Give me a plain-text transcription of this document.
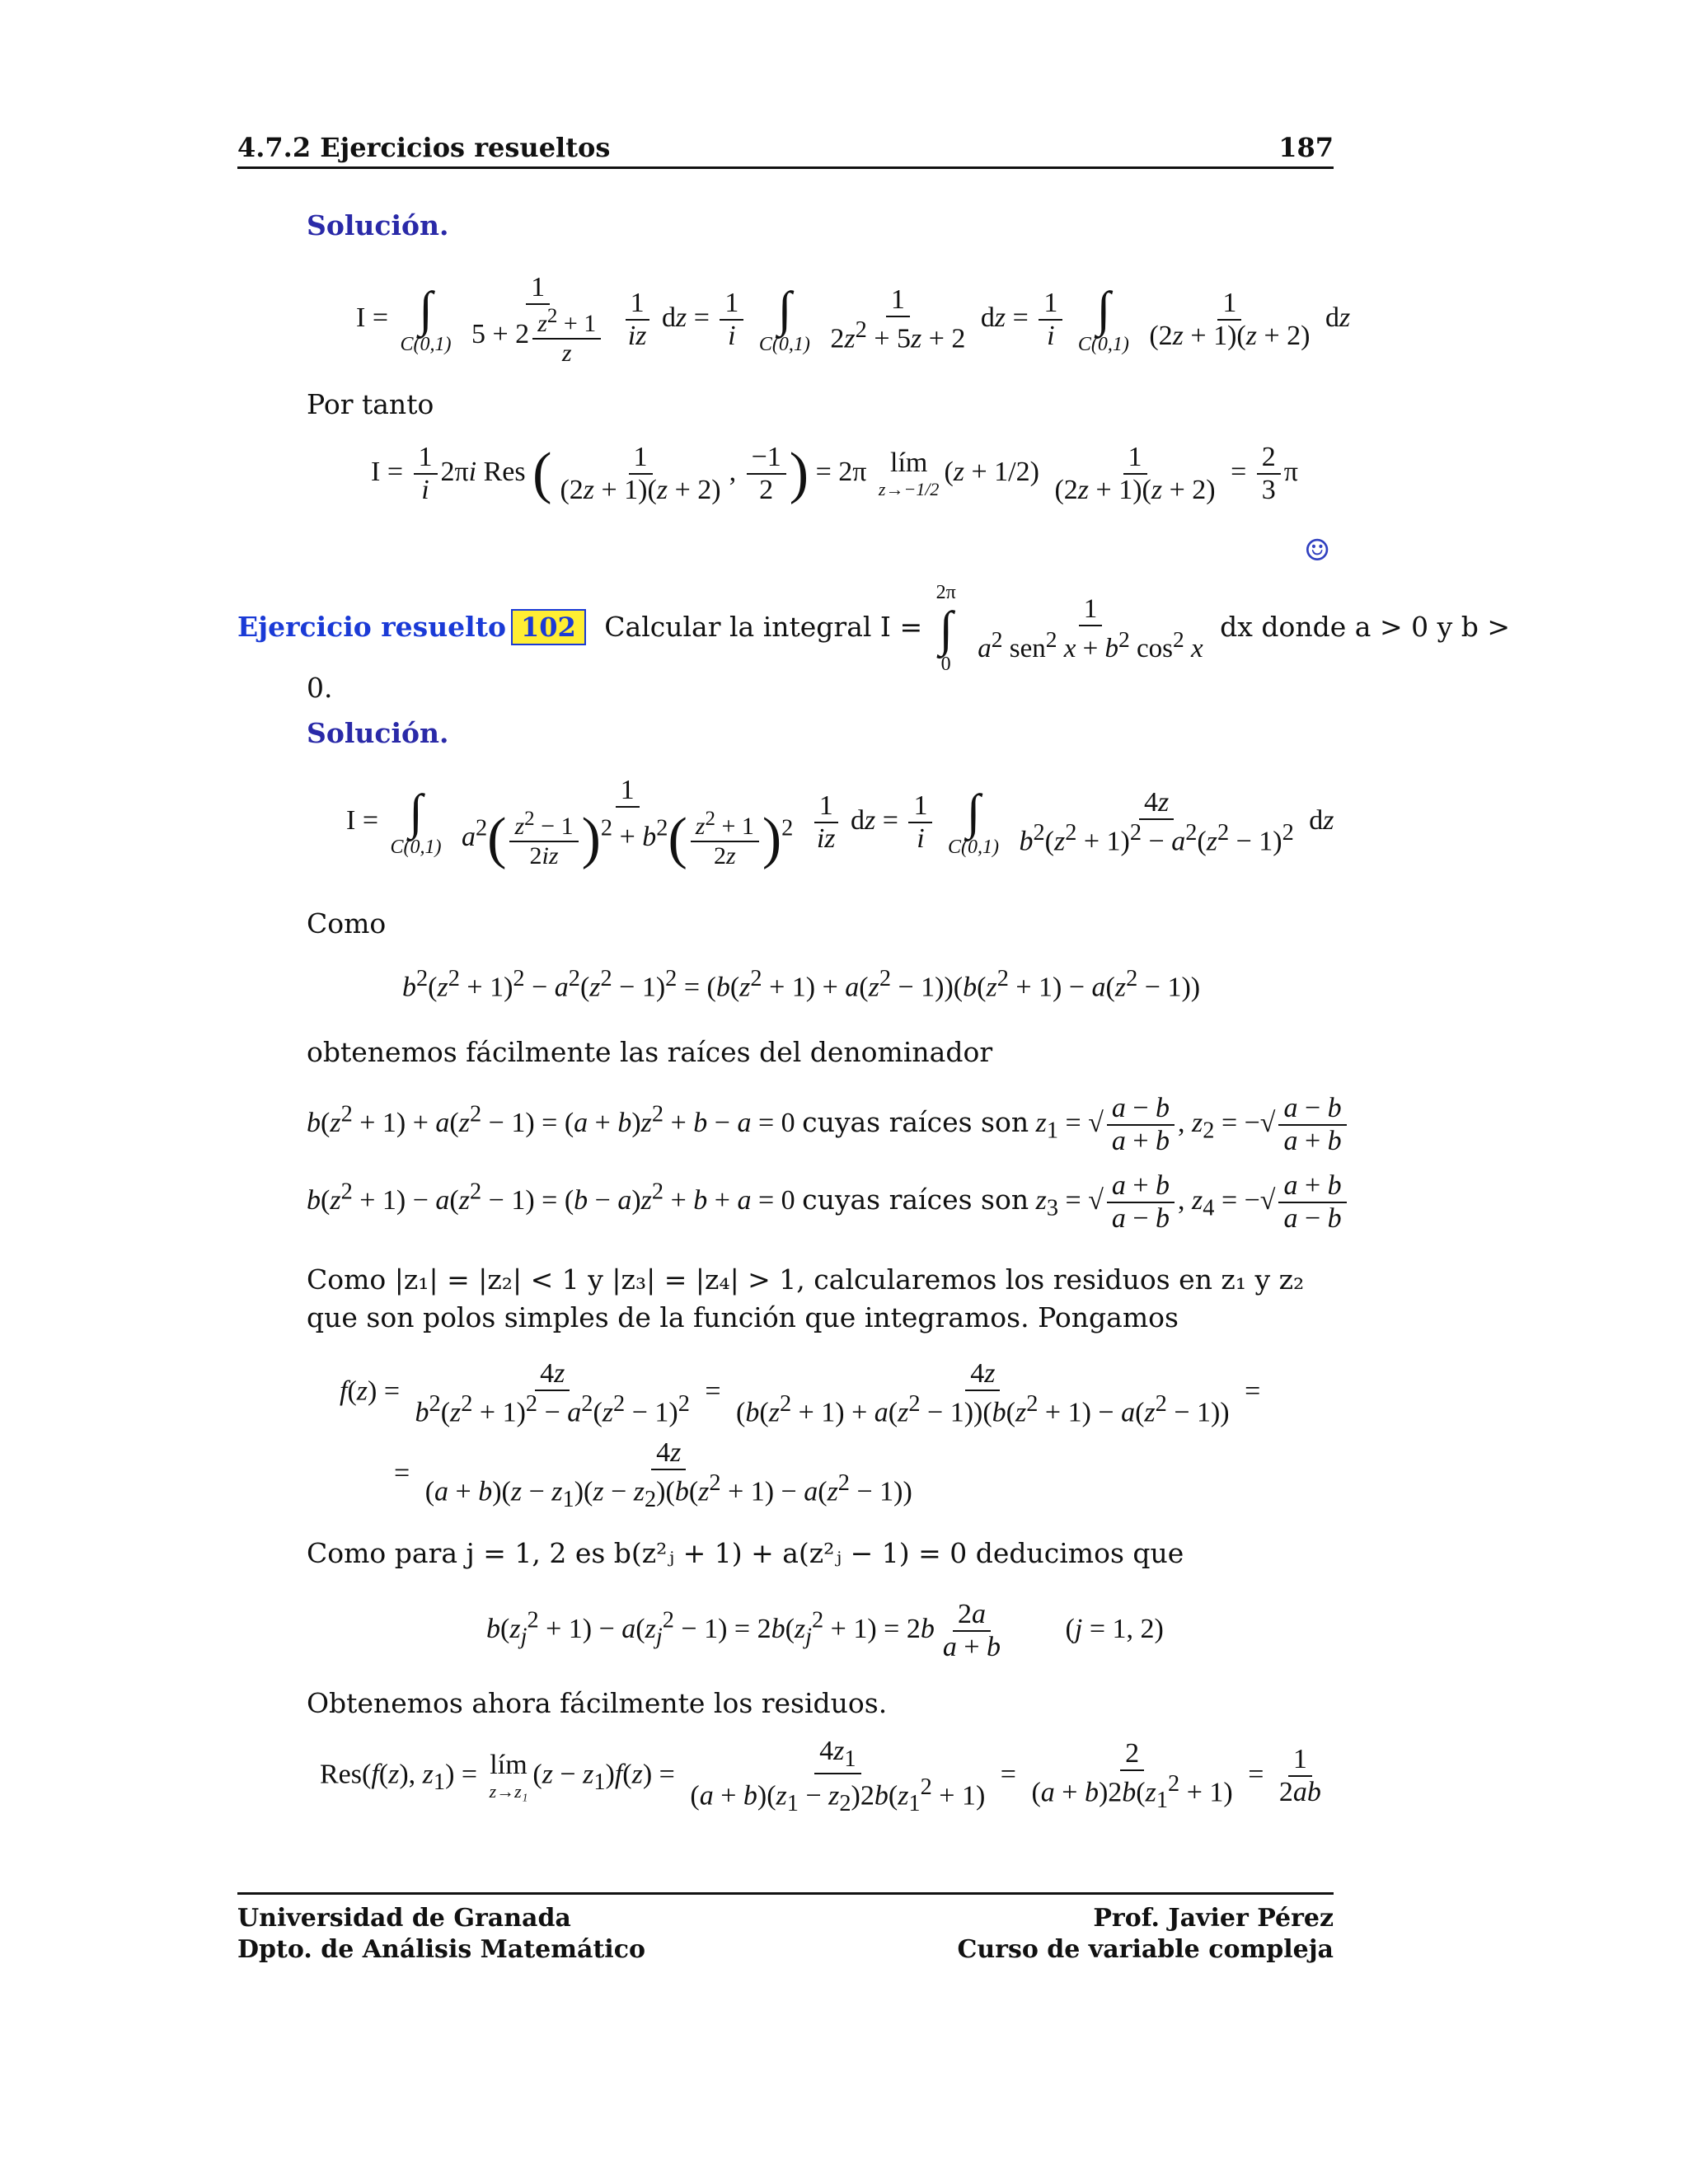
4.7.2 Ejercicios resueltos	187
Solución.
I = ∫
C(0,1)
$\frac{1}{5 + 2 \frac{z^2 + 1}{z}}$
$\frac{1}{iz}$ dz = $\frac{1}{i}$
∫
C(0,1)
$\frac{1}{2z^2 + 5z + 2}$ dz = $\frac{1}{i}$
∫
C(0,1)
$\frac{1}{(2z + 1)(z + 2)}$ dz
Por tanto
$I = \frac{1}{i} 2\pi i$ Res ( $\frac{1}{(2z + 1)(z + 2)}$ , $\frac{-1}{2}$ ) = 2π lím
z→−1/2
$(z + 1/2) \frac{1}{(2z + 1)(z + 2)} = \frac{2}{3}$ π
☺
Ejercicio resuelto 102 Calcular la integral I =
2π
∫
0

$\frac{1}{a^2 sen^2 x + b^2 \cos^2 x}$ dx donde a > 0 y b >
0.
Solución.
I = ∫
C(0,1)
$\frac{1}{a^2( \frac{z^2 - 1}{2iz} )^2 + b^2( \frac{z^2 + 1}{2z} )^2}$
$\frac{1}{iz}$ dz = $\frac{1}{i}$
∫
C(0,1)
$\frac{4z}{b^2(z^2 + 1)^2 - a^2(z^2 - 1)^2}$ dz
Como
$b^2(z^2 + 1)^2 - a^2(z^2 - 1)^2 = (b(z^2 + 1) + a(z^2 - 1))(b(z^2 + 1) - a(z^2 - 1))$
obtenemos fácilmente las raíces del denominador
$b(z^2 + 1) + a(z^2 - 1) = (a + b)z^2 + b - a = 0$ cuyas raíces son $z_1$ = √ $\frac{a - b}{a + b}$ , $z_2$ = −√ $\frac{a - b}{a + b}$
$b(z^2 + 1) - a(z^2 - 1) = (b - a)z^2 + b + a = 0$ cuyas raíces son $z_3$ = √ $\frac{a + b}{a - b}$ , $z_4$ = −√ $\frac{a + b}{a - b}$
Como |z₁| = |z₂| < 1 y |z₃| = |z₄| > 1, calcularemos los residuos en z₁ y z₂ que son polos simples de la función que integramos. Pongamos
$f(z) = \frac{4z}{b^2(z^2 + 1)^2 - a^2(z^2 - 1)^2} = \frac{4z}{(b(z^2 + 1) + a(z^2 - 1))(b(z^2 + 1) - a(z^2 - 1))}$ =
= $\frac{4z}{(a + b)(z - z_1)(z - z_2)(b(z^2 + 1) - a(z^2 - 1))}$
Como para j = 1, 2 es b(z²ⱼ + 1) + a(z²ⱼ − 1) = 0 deducimos que
$b(z_j^2 + 1) - a(z_j^2 - 1) = 2b(z_j^2 + 1) = 2b \frac{2a}{a + b} (j = 1$, 2)
Obtenemos ahora fácilmente los residuos.
Res(f(z), $z_1$) = lím
z→z₁
$(z - z_1)f(z) = \frac{4z_1}{(a + b)(z_1 - z_2)2b(z_1^2 + 1)} = \frac{2}{(a + b)2b(z_1^2 + 1)} = \frac{1}{2ab}$
Universidad de Granada
Dpto. de Análisis Matemático
Prof. Javier Pérez
Curso de variable compleja
